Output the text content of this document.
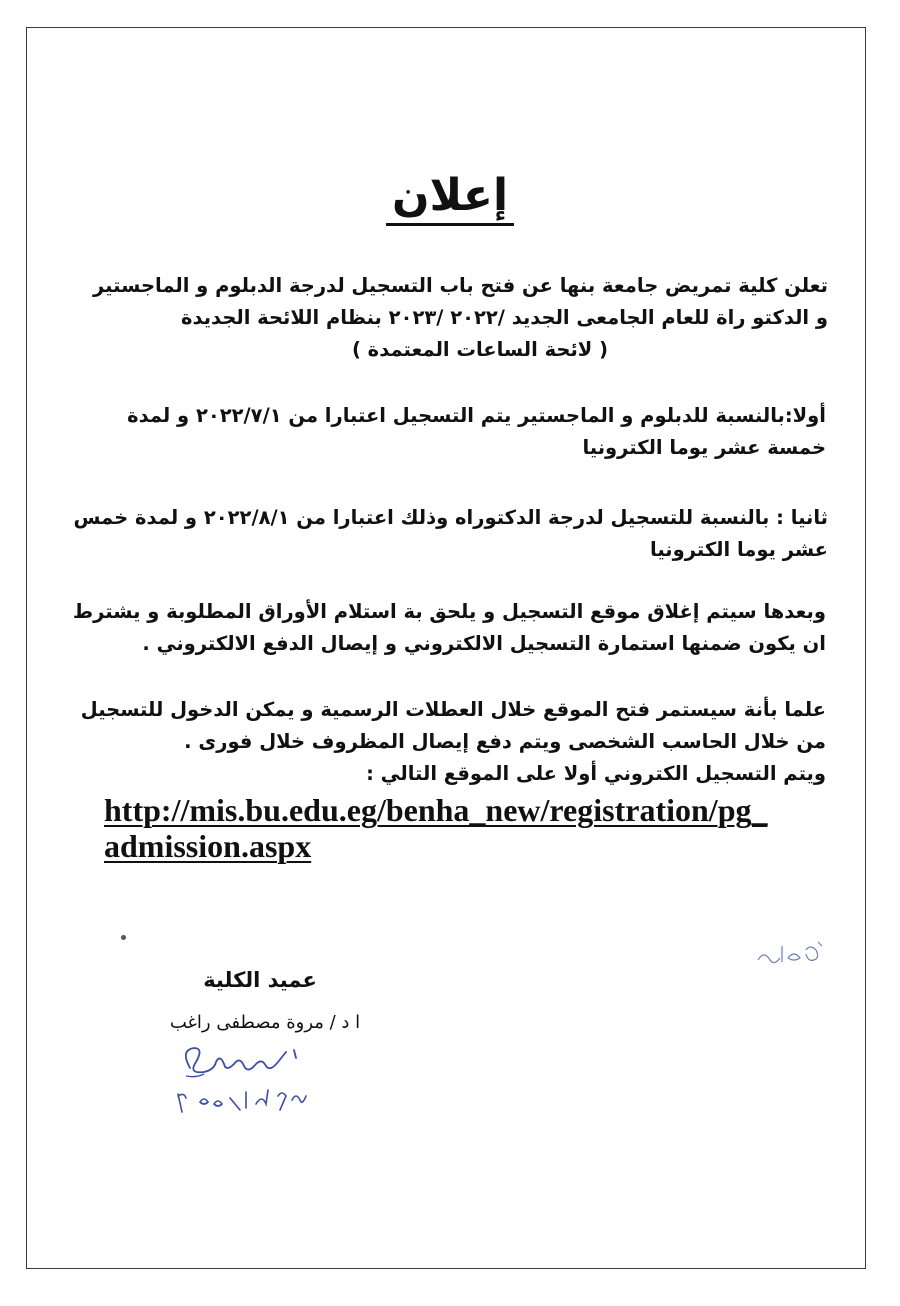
إعلان
تعلن كلية تمريض جامعة بنها عن فتح باب التسجيل لدرجة الدبلوم و الماجستير
و الدكتو راة للعام الجامعى الجديد /٢٠٢٢ /٢٠٢٣ بنظام اللائحة الجديدة
( لائحة الساعات المعتمدة )
أولا:بالنسبة للدبلوم و الماجستير يتم التسجيل اعتبارا من ٢٠٢٢/٧/١ و لمدة
خمسة عشر يوما الكترونيا
ثانيا : بالنسبة للتسجيل لدرجة الدكتوراه وذلك اعتبارا من ٢٠٢٢/٨/١ و لمدة خمس
عشر يوما الكترونيا
وبعدها سيتم إغلاق موقع التسجيل و يلحق بة استلام الأوراق المطلوبة و يشترط
ان يكون ضمنها استمارة التسجيل الالكتروني و إيصال الدفع الالكتروني .
علما بأنة سيستمر فتح الموقع خلال العطلات الرسمية و يمكن الدخول للتسجيل
من خلال الحاسب الشخصى ويتم دفع إيصال المظروف خلال فورى .
ويتم التسجيل الكتروني أولا على الموقع التالي :
http://mis.bu.edu.eg/benha_new/registration/pg_
admission.aspx
عميد الكلية
ا د / مروة مصطفى راغب
